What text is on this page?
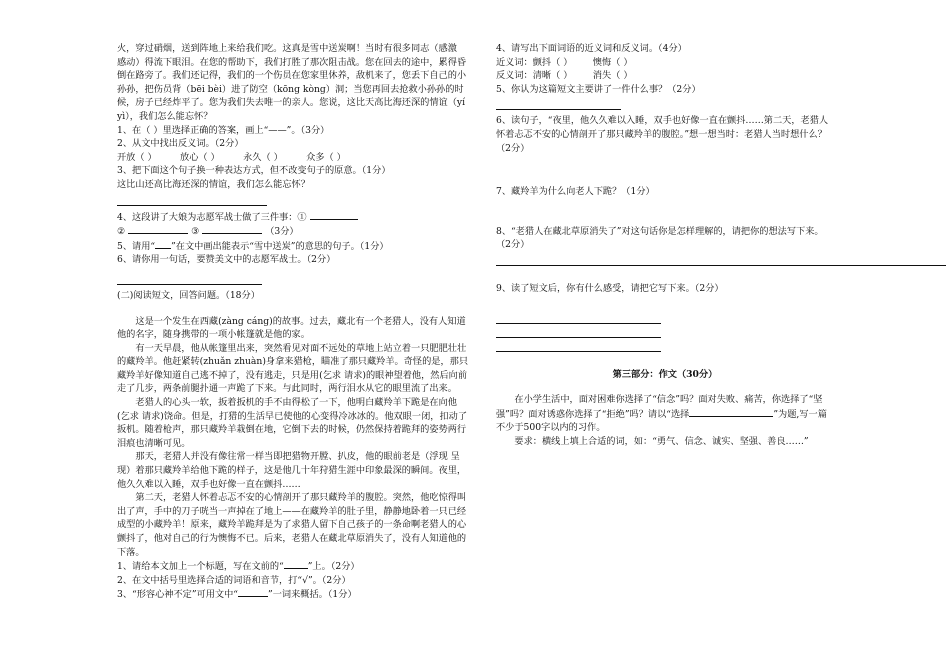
火，穿过硝烟，送到阵地上来给我们吃。这真是雪中送炭啊！当时有很多同志（感激 感动）得流下眼泪。在您的帮助下，我们打胜了那次阻击战。您在回去的途中，累得昏倒在路旁了。我们还记得，我们的一个伤员在您家里休养，敌机来了，您丢下自己的小孙孙，把伤员背（bēi bèi）进了防空（kōng kòng）洞；当您再回去抢救小孙孙的时候，房子已经炸平了。您为我们失去唯一的亲人。您说，这比天高比海还深的情谊（yí yì），我们怎么能忘怀？

1、在（ ）里选择正确的答案，画上“——”。（3分）

2、从文中找出反义词。（2分）

开放（ ）	放心（ ）	永久（ ）	众多（ ）

3、把下面这个句子换一种表达方式，但不改变句子的原意。（1分）

这比山还高比海还深的情谊，我们怎么能忘怀？

4、这段讲了大娘为志愿军战士做了三件事：①

②	③	（3分）

5、请用“ ”在文中画出能表示“雪中送炭”的意思的句子。（1分）

6、请你用一句话，要赞美文中的志愿军战士。（2分）

(二)阅读短文，回答问题。（18分）

这是一个发生在西藏(zàng cáng)的故事。过去，藏北有一个老猎人，没有人知道他的名字，随身携带的一项小帐篷就是他的家。

有一天早晨，他从帐篷里出来，突然看见对面不远处的草地上站立着一只肥肥壮壮的藏羚羊。他赶紧转(zhuǎn zhuàn)身拿来猎枪，瞄准了那只藏羚羊。奇怪的是，那只藏羚羊好像知道自己逃不掉了，没有逃走，只是用(乞求 请求)的眼神望着他，然后向前走了几步，两条前腿扑通一声跪了下来。与此同时，两行泪水从它的眼里流了出来。

老猎人的心头一软，扳着扳机的手不由得松了一下，他明白藏羚羊下跪是在向他(乞求 请求)饶命。但是，打猎的生活早已使他的心变得冷冰冰的。他双眼一闭，扣动了扳机。随着枪声，那只藏羚羊栽倒在地，它倒下去的时候，仍然保持着跪拜的姿势两行泪痕也清晰可见。

那天，老猎人并没有像往常一样当即把猎物开膛、扒皮，他的眼前老是（浮现 呈现）着那只藏羚羊给他下跪的样子，这是他几十年狩猎生涯中印象最深的瞬间。夜里，他久久难以入睡，双手也好像一直在颤抖……

第二天，老猎人怀着忐忑不安的心情剖开了那只藏羚羊的腹腔。突然，他吃惊得叫出了声，手中的刀子咣当一声掉在了地上——在藏羚羊的肚子里，静静地卧着一只已经成型的小藏羚羊！原来，藏羚羊跪拜是为了求猎人留下自己孩子的一条命啊老猎人的心颤抖了，他对自己的行为懊悔不已。后来，老猎人在藏北草原消失了，没有人知道他的下落。

1、请给本文加上一个标题，写在文前的“	”上。（2分）

2、在文中括号里选择合适的词语和音节，打“√”。（2分）

3、“形容心神不定”可用文中“	”一词来概括。（1分）

4、请写出下面词语的近义词和反义词。（4分）

近义词：颤抖（ ） 懊悔（ ）

反义词：清晰（ ） 消失（ ）

5、你认为这篇短文主要讲了一件什么事？（2分）

6、读句子，“夜里，他久久难以入睡，双手也好像一直在颤抖……第二天，老猎人怀着忐忑不安的心情剖开了那只藏羚羊的腹腔。”想一想当时：老猎人当时想什么？（2分）

7、藏羚羊为什么向老人下跪？（1分）

8、“老猎人在藏北草原消失了”对这句话你是怎样理解的，请把你的想法写下来。（2分）

9、读了短文后，你有什么感受，请把它写下来。（2分）

第三部分：作文（30分）

在小学生活中，面对困难你选择了“信念”吗？面对失败、痛苦，你选择了“坚强”吗？面对诱惑你选择了“拒绝”吗？请以“选择	”为题,写一篇不少于500字以内的习作。

要求：横线上填上合适的词，如：“勇气、信念、诚实、坚强、善良……”
